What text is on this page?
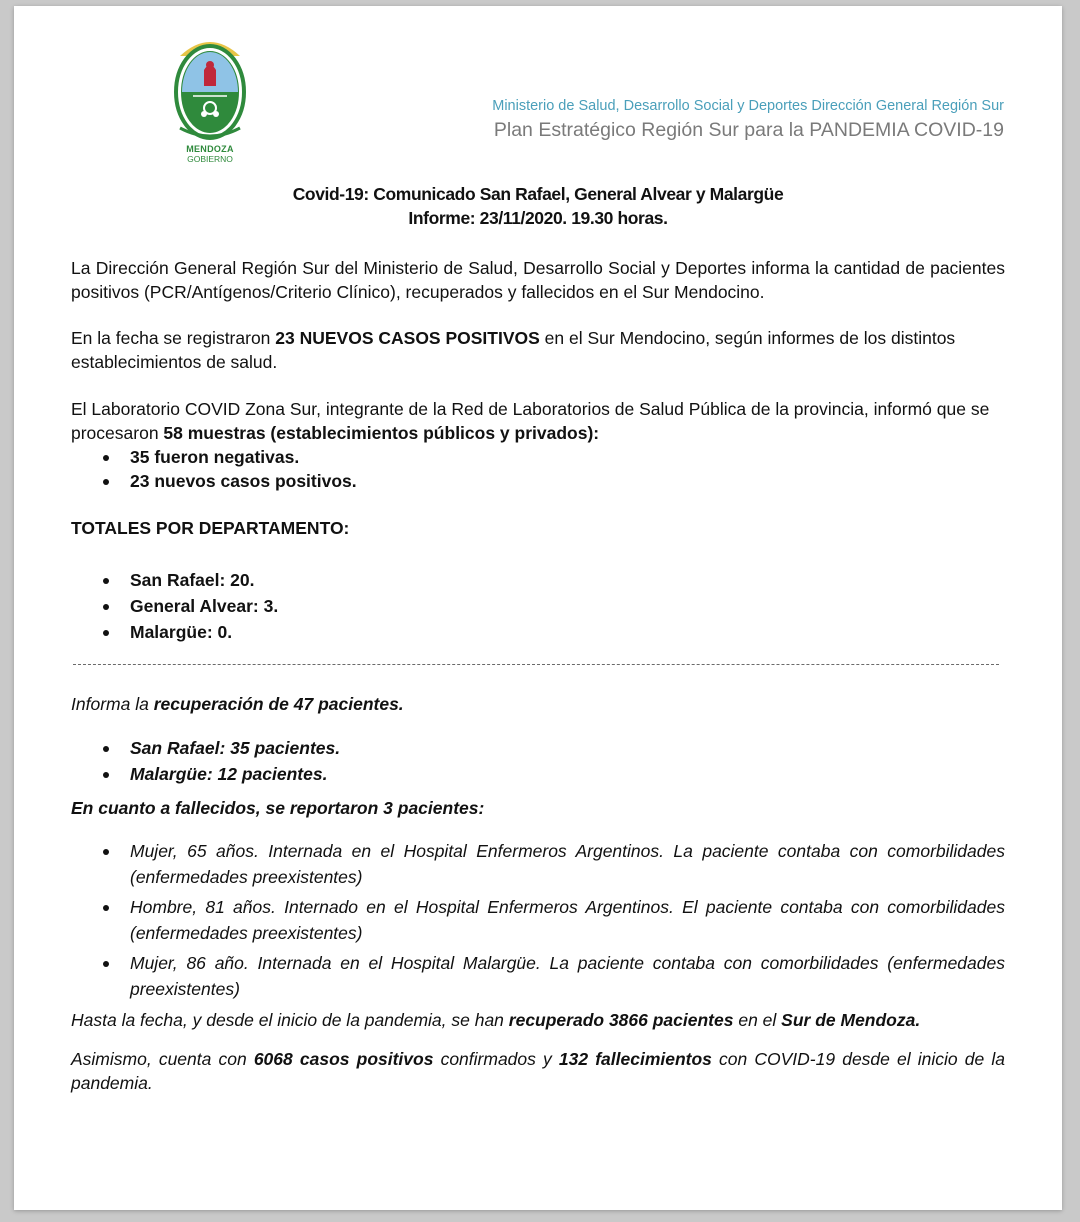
MENDOZA
GOBIERNO
Ministerio de Salud, Desarrollo Social y Deportes Dirección General Región Sur
Plan Estratégico Región Sur para la PANDEMIA COVID-19
Covid-19: Comunicado San Rafael, General Alvear y Malargüe
Informe: 23/11/2020. 19.30 horas.
La Dirección General Región Sur del Ministerio de Salud, Desarrollo Social y Deportes informa la cantidad de pacientes positivos (PCR/Antígenos/Criterio Clínico), recuperados y fallecidos en el Sur Mendocino.
En la fecha se registraron 23 NUEVOS CASOS POSITIVOS en el Sur Mendocino, según informes de los distintos establecimientos de salud.
El Laboratorio COVID Zona Sur, integrante de la Red de Laboratorios de Salud Pública de la provincia, informó que se procesaron 58 muestras (establecimientos públicos y privados):
35 fueron negativas.
23 nuevos casos positivos.
TOTALES POR DEPARTAMENTO:
San Rafael: 20.
General Alvear: 3.
Malargüe: 0.
Informa la recuperación de 47 pacientes.
San Rafael: 35 pacientes.
Malargüe: 12 pacientes.
En cuanto a fallecidos, se reportaron 3 pacientes:
Mujer, 65 años. Internada en el Hospital Enfermeros Argentinos. La paciente contaba con comorbilidades (enfermedades preexistentes)
Hombre, 81 años. Internado en el Hospital Enfermeros Argentinos. El paciente contaba con comorbilidades (enfermedades preexistentes)
Mujer, 86 año. Internada en el Hospital Malargüe. La paciente contaba con comorbilidades (enfermedades preexistentes)
Hasta la fecha, y desde el inicio de la pandemia, se han recuperado 3866 pacientes en el Sur de Mendoza.
Asimismo, cuenta con 6068 casos positivos confirmados y 132 fallecimientos con COVID-19 desde el inicio de la pandemia.
